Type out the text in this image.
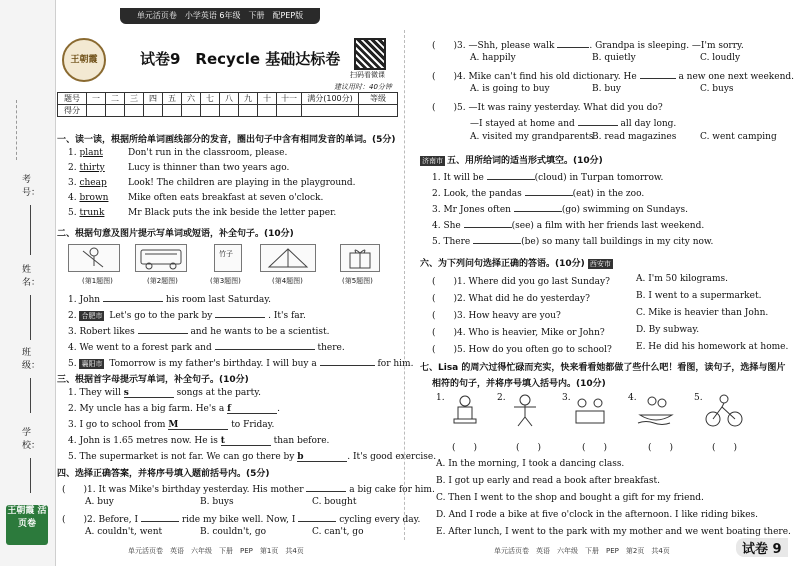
考号：
姓名：
班级：
学校：
王朝霞 活页卷
单元活页卷　小学英语 6年级　下册　配PEP版
王朝霞	试卷9　Recycle 基础达标卷
扫码看微课
建议用时：40分钟
题号	一	二	三	四	五	六	七	八	九	十	十一	满分(100分)	等级
得分													
一、读一读，根据所给单词画线部分的发音，圈出句子中含有相同发音的单词。(5分)
1. plant	Don't run in the classroom, please.
2. thirty	Lucy is thinner than two years ago.
3. cheap Look! The children are playing in the playground.
4. brown Mike often eats breakfast at seven o'clock.
5. trunk	Mr Black puts the ink beside the letter paper.
二、根据句意及图片提示写单词或短语，补全句子。(10分)
竹子
(第1题图)	(第2题图)	(第3题图)	(第4题图)	(第5题图)
1. John	his room last Saturday.
2. 合肥市 Let's go to the park by	. It's far.
3. Robert likes	and he wants to be a scientist.
4. We went to a forest park and	there.
5. 襄阳市 Tomorrow is my father's birthday. I will buy a	for him.
三、根据首字母提示写单词，补全句子。(10分)
1. They will s	songs at the party.
2. My uncle has a big farm. He's a f	.
3. I go to school from M	to Friday.
4. John is 1.65 metres now. He is t	than before.
5. The supermarket is not far. We can go there by b	. It's good exercise.
四、选择正确答案，并将序号填入题前括号内。(5分)
(　　)1. It was Mike's birthday yesterday. His mother	a big cake for him.
A. buy	B. buys	C. bought
(　　)2. Before, I	ride my bike well. Now, I	cycling every day.
A. couldn't, went	B. couldn't, go	C. can't, go
单元活页卷　英语　六年级　下册　PEP　第1页　共4页
(　　)3. —Shh, please walk	. Grandpa is sleeping. —I'm sorry.
A. happily	B. quietly	C. loudly
(　　)4. Mike can't find his old dictionary. He	a new one next weekend.
A. is going to buy	B. buy	C. buys
(　　)5. —It was rainy yesterday. What did you do?
—I stayed at home and	all day long.
A. visited my grandparents
B. read magazines	C. went camping
济南市 五、用所给词的适当形式填空。(10分)
1. It will be	(cloud) in Turpan tomorrow.
2. Look, the pandas	(eat) in the zoo.
3. Mr Jones often	(go) swimming on Sundays.
4. She	(see) a film with her friends last weekend.
5. There	(be) so many tall buildings in my city now.
六、为下列问句选择正确的答语。(10分) 西安市
(　　)1. Where did you go last Sunday?	A. I'm 50 kilograms.
(　　)2. What did he do yesterday?	B. I went to a supermarket.
(　　)3. How heavy are you?	C. Mike is heavier than John.
(　　)4. Who is heavier, Mike or John?	D. By subway.
(　　)5. How do you often go to school?	E. He did his homework at home.
七、Lisa 的周六过得忙碌而充实，快来看看她都做了些什么吧！看图，读句子，选择与图片
相符的句子，并将序号填入括号内。(10分)
1.	2.	3.	4.	5.
(　　)	(　　)	(　　)	(　　)	(　　)
A. In the morning, I took a dancing class.
B. I got up early and read a book after breakfast.
C. Then I went to the shop and bought a gift for my friend.
D. And I rode a bike at five o'clock in the afternoon. I like riding bikes.
E. After lunch, I went to the park with my mother and we went boating there.
单元活页卷　英语　六年级　下册　PEP　第2页　共4页	试卷 9
